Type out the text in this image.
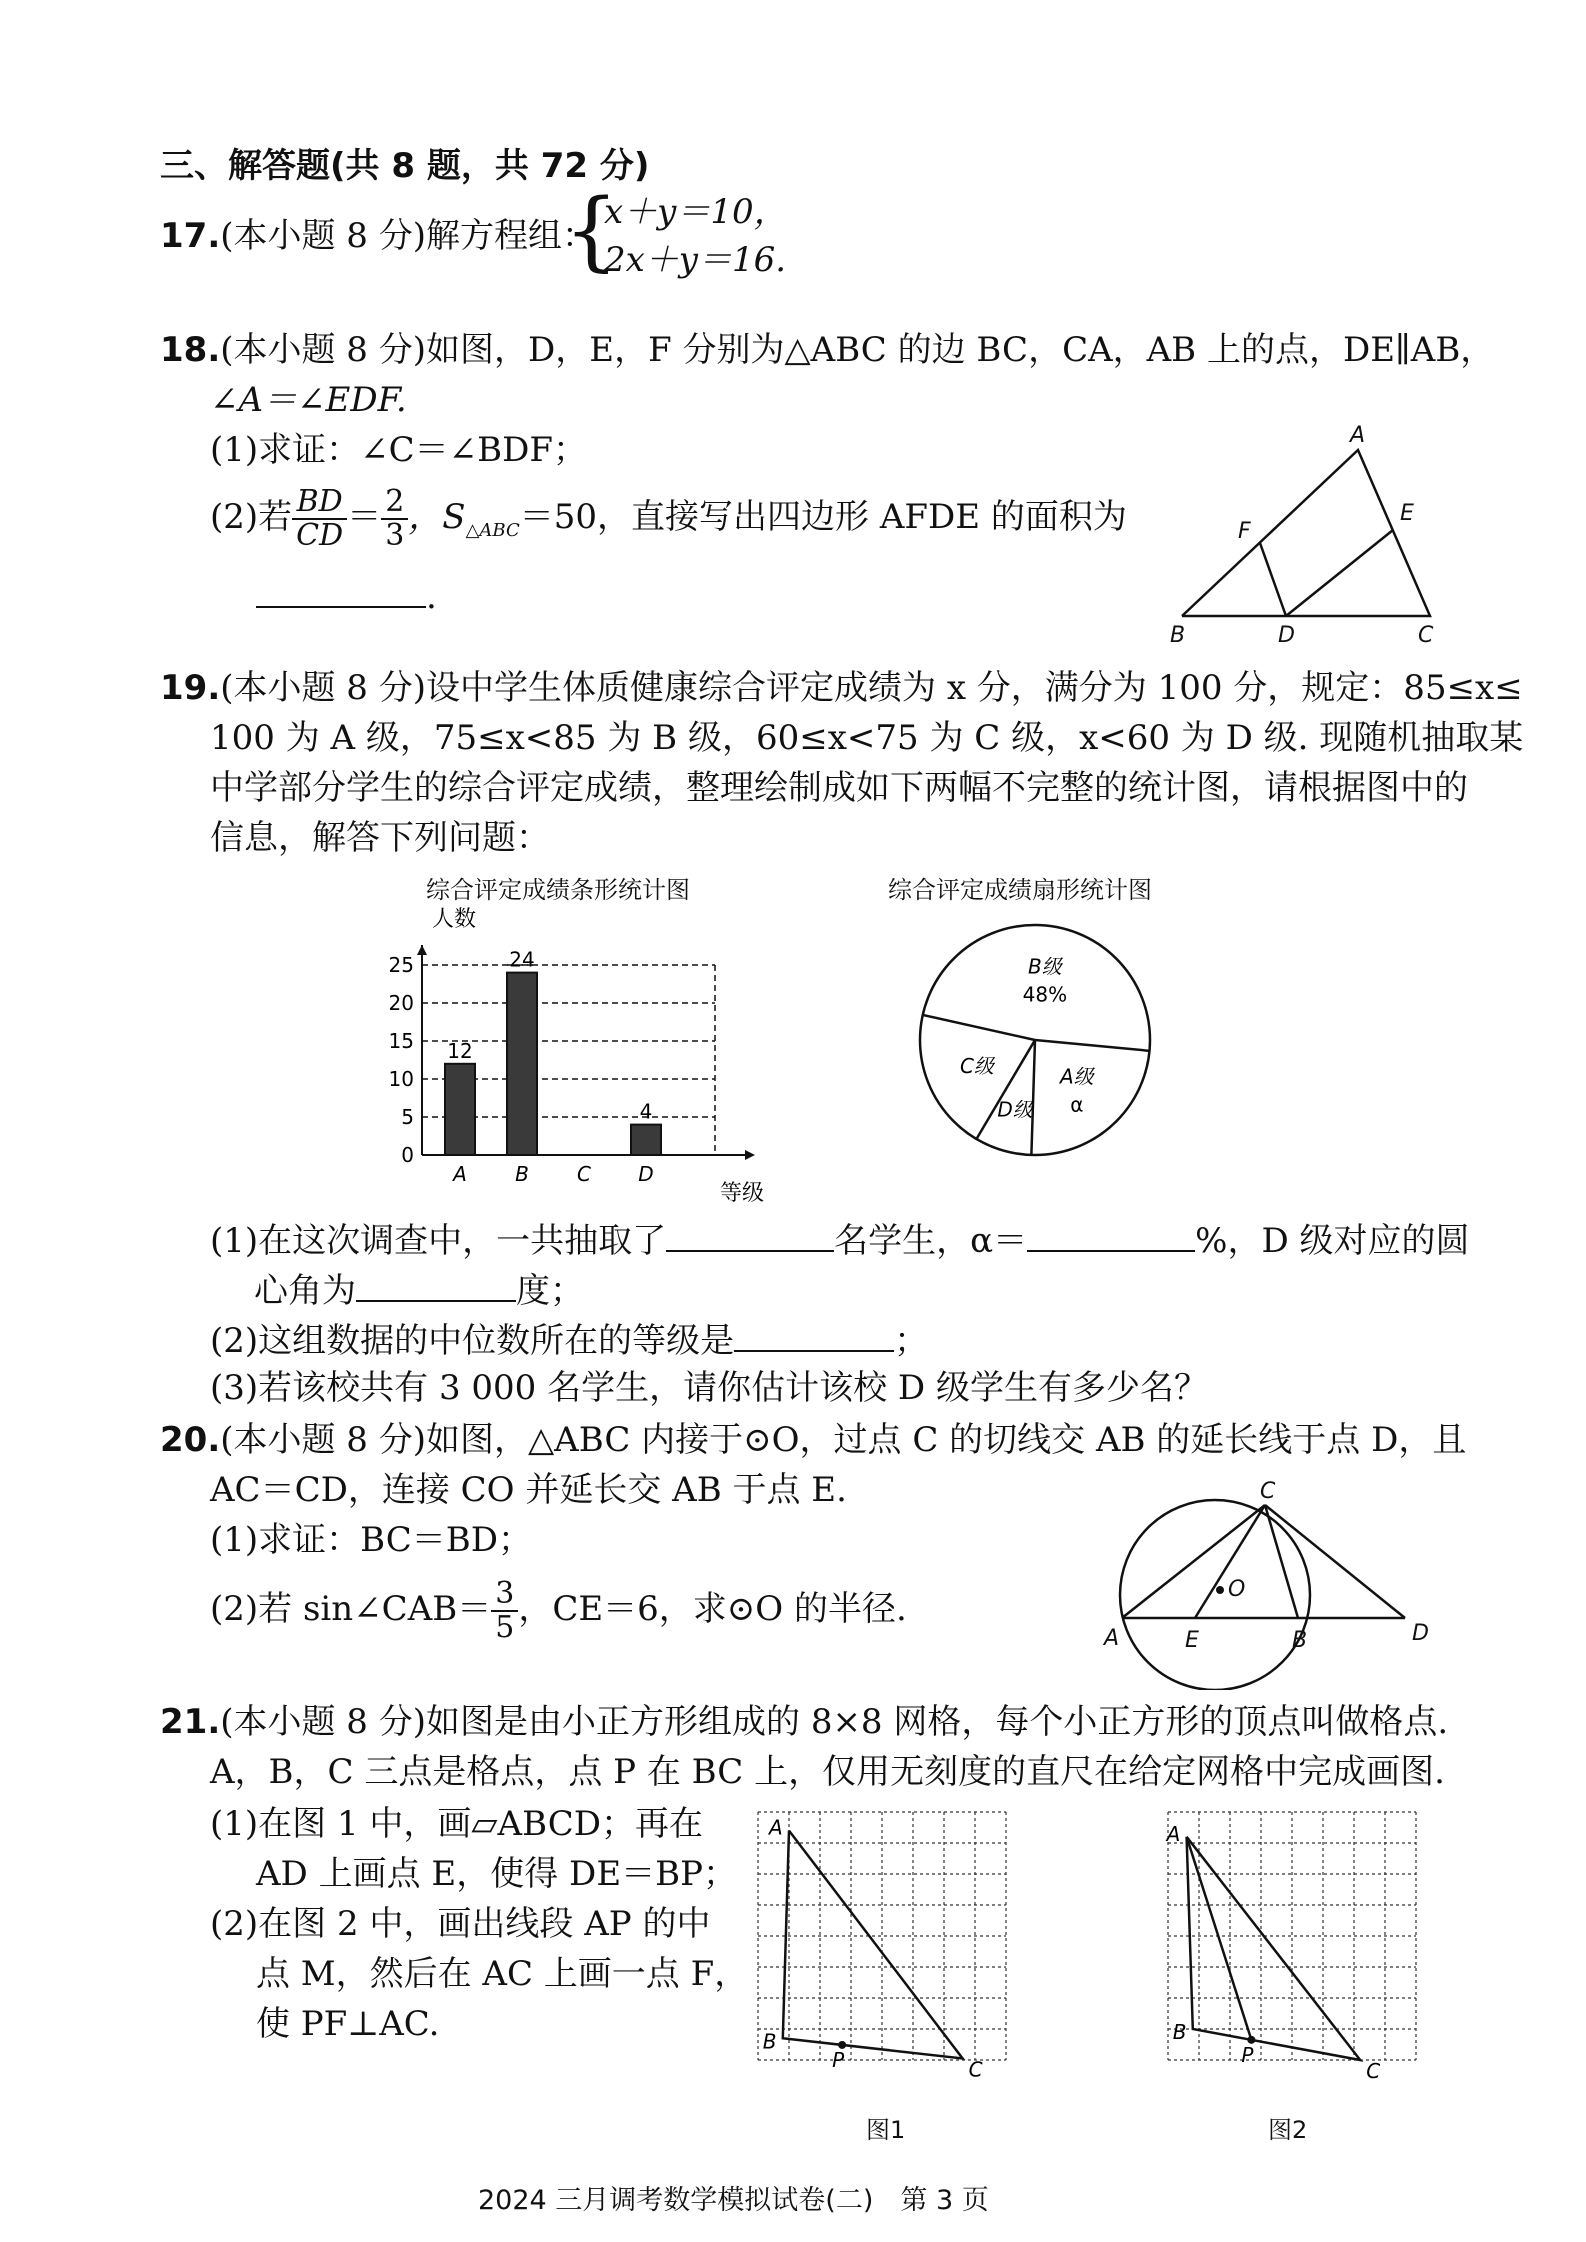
三、解答题(共 8 题，共 72 分)
17.(本小题 8 分)解方程组：
{
x＋y＝10，
2x＋y＝16.
18.(本小题 8 分)如图，D，E，F 分别为△ABC 的边 BC，CA，AB 上的点，DE∥AB，
∠A＝∠EDF.
(1)求证：∠C＝∠BDF；
(2)若 $\frac{BD}{CD} = \frac{2}{3}$ ，$S_{\triangle ABC}=50$，直接写出四边形 AFDE 的面积为
.
A
B	C
D
E
F
19.(本小题 8 分)设中学生体质健康综合评定成绩为 x 分，满分为 100 分，规定：85≤x≤
100 为 A 级，75≤x<85 为 B 级，60≤x<75 为 C 级，x<60 为 D 级. 现随机抽取某
中学部分学生的综合评定成绩，整理绘制成如下两幅不完整的统计图，请根据图中的
信息，解答下列问题：
综合评定成绩条形统计图
人数
等级
0
5
10
15
20
25
12
A
24
B C
4
D
综合评定成绩扇形统计图
B级
48%
A级
α
D级
C级
(1)在这次调查中，一共抽取了	名学生，α＝	%，D 级对应的圆
心角为	度；
(2)这组数据的中位数所在的等级是	；
(3)若该校共有 3 000 名学生，请你估计该校 D 级学生有多少名？
20.(本小题 8 分)如图，△ABC 内接于⊙O，过点 C 的切线交 AB 的延长线于点 D，且
AC＝CD，连接 CO 并延长交 AB 于点 E.
(1)求证：BC＝BD；
(2)若 sin∠CAB＝ $\frac{3}{5}$ ，CE＝6，求⊙O 的半径.
C
A	E	B	D
O
21.(本小题 8 分)如图是由小正方形组成的 8×8 网格，每个小正方形的顶点叫做格点.
A，B，C 三点是格点，点 P 在 BC 上，仅用无刻度的直尺在给定网格中完成画图.
(1)在图 1 中，画▱ABCD；再在
AD 上画点 E，使得 DE＝BP；
(2)在图 2 中，画出线段 AP 的中
点 M，然后在 AC 上画一点 F，
使 PF⊥AC.
A
B
C
P
图1
A
B
C
P
图2
2024 三月调考数学模拟试卷(二)　第 3 页
